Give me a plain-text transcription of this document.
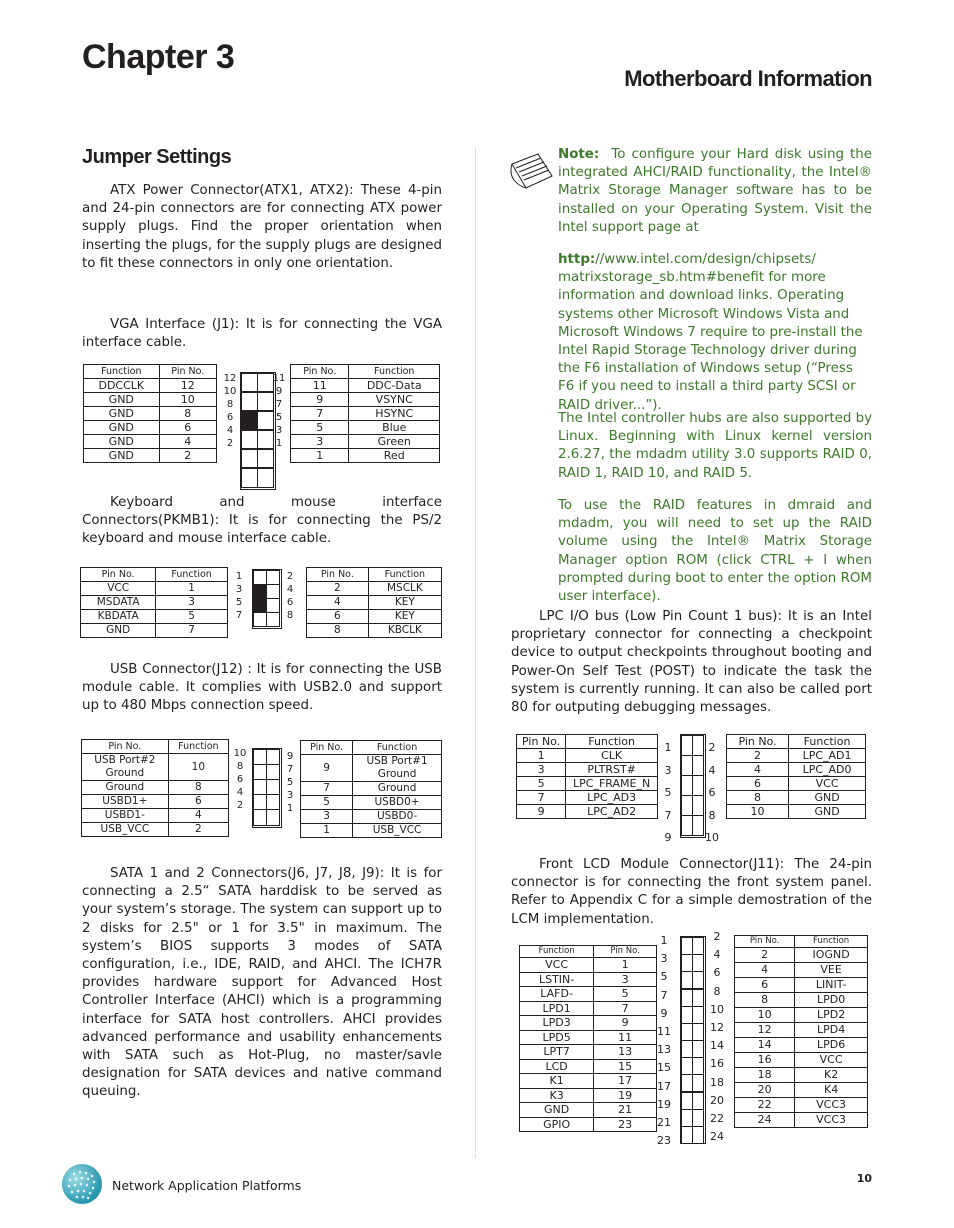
Chapter 3
Motherboard Information
Jumper Settings
ATX Power Connector(ATX1, ATX2): These 4-pin and 24-pin connectors are for connecting ATX power supply plugs. Find the proper orientation when inserting the plugs, for the supply plugs are designed to fit these connectors in only one orientation.
VGA Interface (J1): It is for connecting the VGA interface cable.
Function	Pin No.
DDCCLK	12
GND	10
GND	8
GND	6
GND	4
GND	2
12
10
8
6
4
2
11
9
7
5
3
1
Pin No.	Function
11	DDC-Data
9	VSYNC
7	HSYNC
5	Blue
3	Green
1	Red
Keyboard and mouse interface Connectors(PKMB1): It is for connecting the PS/2 keyboard and mouse interface cable.
Pin No.	Function
VCC	1
MSDATA	3
KBDATA	5
GND	7
1
3
5
7
2
4
6
8
Pin No.	Function
2	MSCLK
4	KEY
6	KEY
8	KBCLK
USB Connector(J12) : It is for connecting the USB module cable. It complies with USB2.0 and support up to 480 Mbps connection speed.
Pin No.	Function
USB Port#2
Ground	10
Ground	8
USBD1+	6
USBD1-	4
USB_VCC	2
10
8
6
4
2
9
7
5
3
1
Pin No.	Function
9	USB Port#1
Ground
7	Ground
5	USBD0+
3	USBD0-
1	USB_VCC
SATA 1 and 2 Connectors(J6, J7, J8, J9): It is for connecting a 2.5“ SATA harddisk to be served as your system’s storage. The system can support up to 2 disks for 2.5" or 1 for 3.5" in maximum. The system’s BIOS supports 3 modes of SATA configuration, i.e., IDE, RAID, and AHCI. The ICH7R provides hardware support for Advanced Host Controller Interface (AHCI) which is a programming interface for SATA host controllers. AHCI provides advanced performance and usability enhancements with SATA such as Hot-Plug, no master/savle designation for SATA devices and native command queuing.
Note: To configure your Hard disk using the integrated AHCI/RAID functionality, the Intel® Matrix Storage Manager software has to be installed on your Operating System. Visit the Intel support page at
http://www.intel.com/design/chipsets/ matrixstorage_sb.htm#benefit for more information and download links. Operating systems other Microsoft Windows Vista and Microsoft Windows 7 require to pre-install the Intel Rapid Storage Technology driver during the F6 installation of Windows setup (“Press F6 if you need to install a third party SCSI or RAID driver...”).
The Intel controller hubs are also supported by Linux. Beginning with Linux kernel version 2.6.27, the mdadm utility 3.0 supports RAID 0, RAID 1, RAID 10, and RAID 5.
To use the RAID features in dmraid and mdadm, you will need to set up the RAID volume using the Intel® Matrix Storage Manager option ROM (click CTRL + I when prompted during boot to enter the option ROM user interface).
LPC I/O bus (Low Pin Count 1 bus): It is an Intel proprietary connector for connecting a checkpoint device to output checkpoints throughout booting and Power-On Self Test (POST) to indicate the task the system is currently running. It can also be called port 80 for outputing debugging messages.
Pin No.	Function
1	CLK
3	PLTRST#
5	LPC_FRAME_N
7	LPC_AD3
9	LPC_AD2
1
3
5
7
9
2
4
6
8
10
Pin No.	Function
2	LPC_AD1
4	LPC_AD0
6	VCC
8	GND
10	GND
Front LCD Module Connector(J11): The 24-pin connector is for connecting the front system panel. Refer to Appendix C for a simple demostration of the LCM implementation.
Function	Pin No.
VCC	1
LSTIN-	3
LAFD-	5
LPD1	7
LPD3	9
LPD5	11
LPT7	13
LCD	15
K1	17
K3	19
GND	21
GPIO	23
1
3
5
7
9
11
13
15
17
19
21
23
2
4
6
8
10
12
14
16
18
20
22
24
Pin No.	Function
2	IOGND
4	VEE
6	LINIT-
8	LPD0
10	LPD2
12	LPD4
14	LPD6
16	VCC
18	K2
20	K4
22	VCC3
24	VCC3
Network Application Platforms	10
